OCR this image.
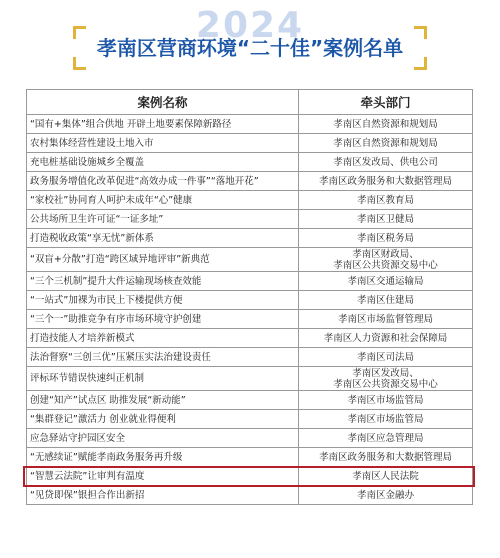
2024
孝南区营商环境“二十佳”案例名单
案例名称	牵头部门
“国有+集体”组合供地 开辟土地要素保障新路径	孝南区自然资源和规划局

农村集体经营性建设土地入市	孝南区自然资源和规划局

充电桩基础设施城乡全覆盖	孝南区发改局、供电公司

政务服务增值化改革促进“高效办成一件事”“落地开花”	孝南区政务服务和大数据管理局

“家校社”协同育人呵护未成年“心”健康	孝南区教育局

公共场所卫生许可证“一证多址”	孝南区卫健局

打造税收政策“享无忧”新体系	孝南区税务局

“双盲+分散”打造“跨区域异地评审”新典范	孝南区财政局、
孝南区公共资源交易中心

“三个三机制”提升大件运输现场核查效能	孝南区交通运输局

“一站式”加裸为市民上下楼提供方便	孝南区住建局

“三个一”助推竞争有序市场环境守护创建	孝南区市场监督管理局

打造技能人才培养新模式	孝南区人力资源和社会保障局

法治督察“三创三优”压紧压实法治建设责任	孝南区司法局

评标环节错误快速纠正机制	孝南区发改局、
孝南区公共资源交易中心

创建“知产”试点区 助推发展“新动能”	孝南区市场监管局

“集群登记”激活力 创业就业得便利	孝南区市场监管局

应急驿站守护园区安全	孝南区应急管理局

“无感续证”赋能孝南政务服务再升级	孝南区政务服务和大数据管理局

“智慧云法院”让审判有温度	孝南区人民法院

“见贷即保”银担合作出新招	孝南区金融办
